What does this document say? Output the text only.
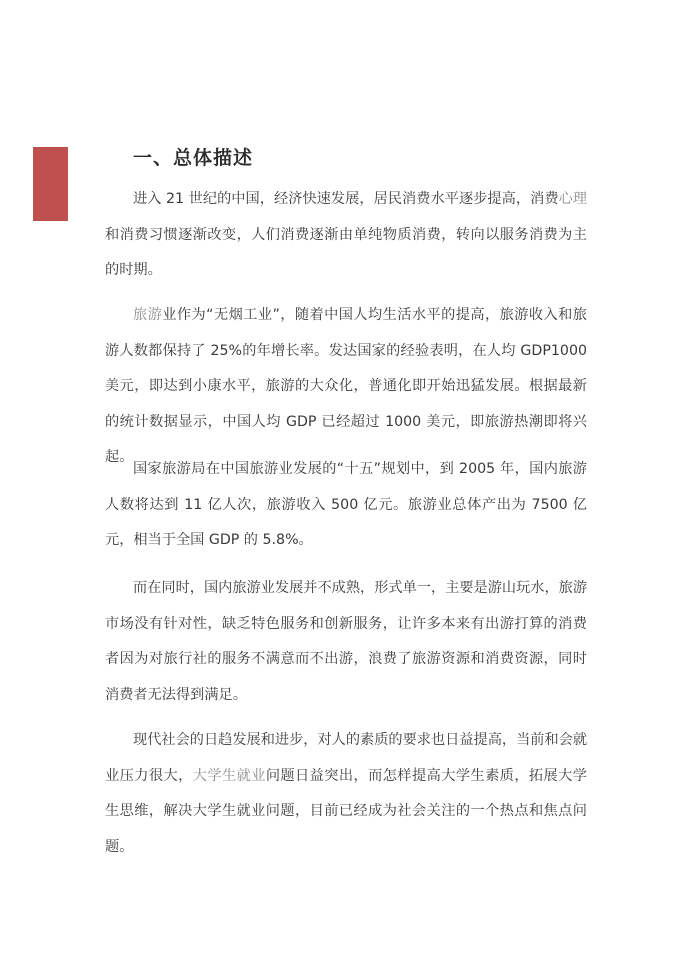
一、总体描述
进入 21 世纪的中国，经济快速发展，居民消费水平逐步提高，消费心理和消费习惯逐渐改变，人们消费逐渐由单纯物质消费，转向以服务消费为主的时期。
旅游业作为“无烟工业”，随着中国人均生活水平的提高，旅游收入和旅游人数都保持了 25%的年增长率。发达国家的经验表明，在人均 GDP1000 美元，即达到小康水平，旅游的大众化，普通化即开始迅猛发展。根据最新的统计数据显示，中国人均 GDP 已经超过 1000 美元，即旅游热潮即将兴起。
国家旅游局在中国旅游业发展的“十五”规划中，到 2005 年，国内旅游人数将达到 11 亿人次，旅游收入 500 亿元。旅游业总体产出为 7500 亿元，相当于全国 GDP 的 5.8%。
而在同时，国内旅游业发展并不成熟，形式单一，主要是游山玩水，旅游市场没有针对性，缺乏特色服务和创新服务，让许多本来有出游打算的消费者因为对旅行社的服务不满意而不出游，浪费了旅游资源和消费资源，同时消费者无法得到满足。
现代社会的日趋发展和进步，对人的素质的要求也日益提高，当前和会就业压力很大，大学生就业问题日益突出，而怎样提高大学生素质，拓展大学生思维，解决大学生就业问题，目前已经成为社会关注的一个热点和焦点问题。
